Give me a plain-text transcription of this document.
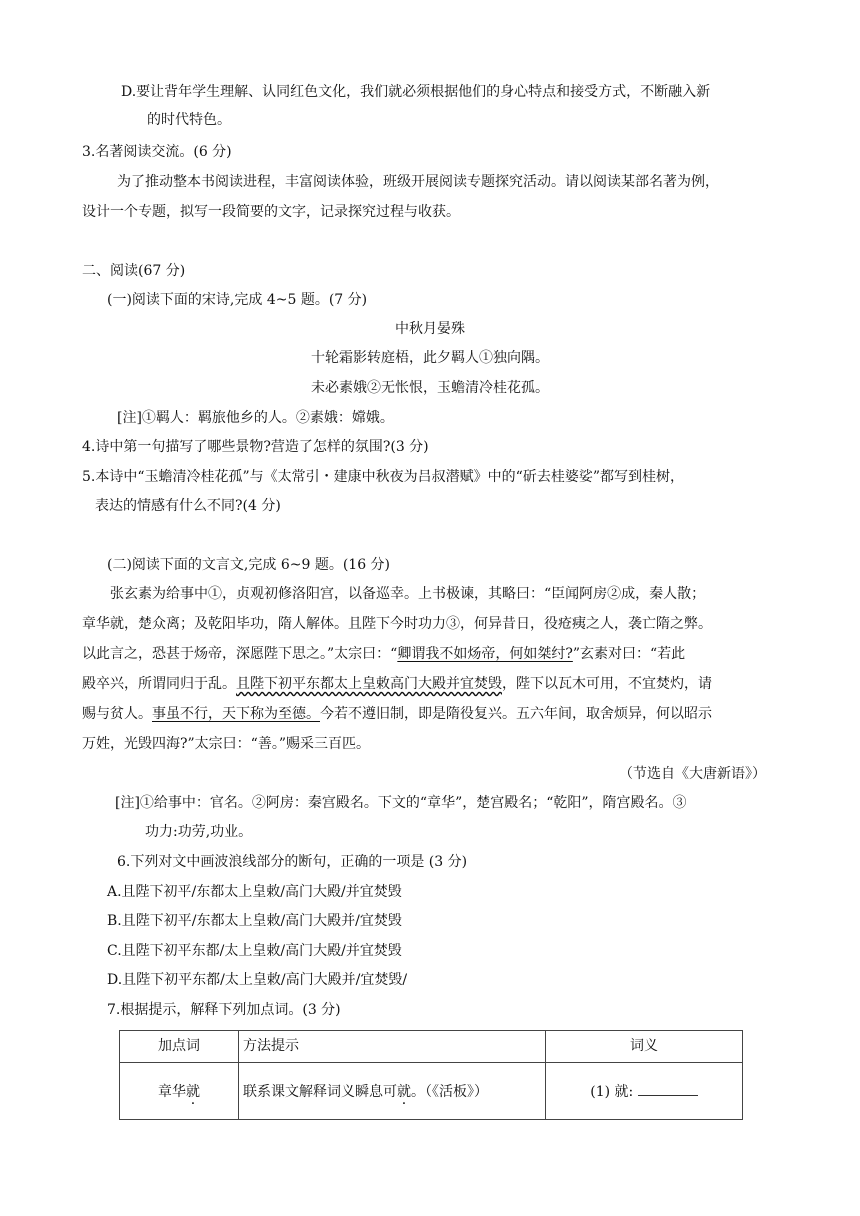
D.要让背年学生理解、认同红色文化，我们就必须根据他们的身心特点和接受方式，不断融入新
的时代特色。
3.名著阅读交流。(6 分)
为了推动整本书阅读进程，丰富阅读体验，班级开展阅读专题探究活动。请以阅读某部名著为例，
设计一个专题，拟写一段简要的文字，记录探究过程与收获。
二、阅读(67 分)
(一)阅读下面的宋诗,完成 4~5 题。(7 分)
中秋月晏殊
十轮霜影转庭梧，此夕羁人①独向隅。
未必素娥②无怅恨，玉蟾清冷桂花孤。
[注]①羁人：羁旅他乡的人。②素娥：嫦娥。
4.诗中第一句描写了哪些景物?营造了怎样的氛围?(3 分)
5.本诗中“玉蟾清冷桂花孤”与《太常引・建康中秋夜为吕叔潜赋》中的“斫去桂婆娑”都写到桂树，
表达的情感有什么不同?(4 分)
(二)阅读下面的文言文,完成 6~9 题。(16 分)
张玄素为给事中①，贞观初修洛阳宫，以备巡幸。上书极谏，其略曰：“臣闻阿房②成，秦人散；
章华就，楚众离；及乾阳毕功，隋人解体。且陛下今时功力③，何异昔日，役疮痍之人，袭亡隋之弊。
以此言之，恐甚于炀帝，深愿陛下思之。”太宗曰：“卿谓我不如炀帝，何如桀纣?”玄素对曰：“若此
殿卒兴，所谓同归于乱。且陛下初平东都太上皇敕高门大殿并宜焚毁，陛下以瓦木可用，不宜焚灼，请
赐与贫人。事虽不行，天下称为至德。今若不遵旧制，即是隋役复兴。五六年间，取舍烦异，何以昭示
万姓，光毁四海?”太宗曰：“善。”赐采三百匹。
（节选自《大唐新语》）
[注]①给事中：官名。②阿房：秦宫殿名。下文的“章华”，楚宫殿名；“乾阳”，隋宫殿名。③
功力:功劳,功业。
6.下列对文中画波浪线部分的断句，正确的一项是 (3 分)
A.且陛下初平/东都太上皇敕/高门大殿/并宜焚毁
B.且陛下初平/东都太上皇敕/高门大殿并/宜焚毁
C.且陛下初平东都/太上皇敕/高门大殿/并宜焚毁
D.且陛下初平东都/太上皇敕/高门大殿并/宜焚毁/
7.根据提示，解释下列加点词。(3 分)
加点词	方法提示	词义
章华就	联系课文解释词义瞬息可就。（《活板》）	(1) 就:
